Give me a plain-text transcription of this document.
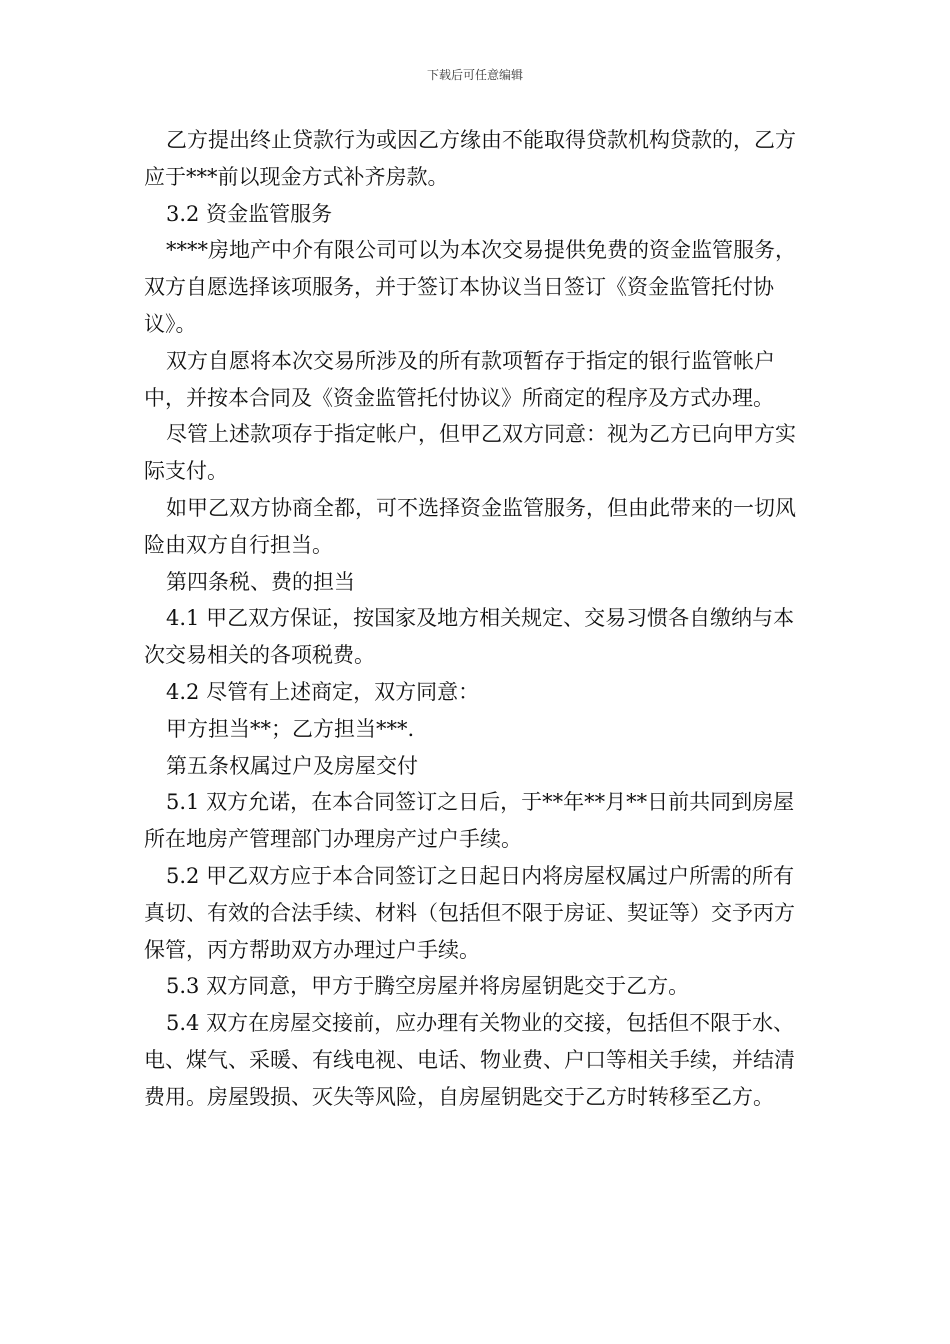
下载后可任意编辑

乙方提出终止贷款行为或因乙方缘由不能取得贷款机构贷款的，乙方应于***前以现金方式补齐房款。

3.2 资金监管服务

****房地产中介有限公司可以为本次交易提供免费的资金监管服务，双方自愿选择该项服务，并于签订本协议当日签订《资金监管托付协议》。

双方自愿将本次交易所涉及的所有款项暂存于指定的银行监管帐户中，并按本合同及《资金监管托付协议》所商定的程序及方式办理。

尽管上述款项存于指定帐户，但甲乙双方同意：视为乙方已向甲方实际支付。

如甲乙双方协商全都，可不选择资金监管服务，但由此带来的一切风险由双方自行担当。

第四条税、费的担当

4.1 甲乙双方保证，按国家及地方相关规定、交易习惯各自缴纳与本次交易相关的各项税费。

4.2 尽管有上述商定，双方同意：

甲方担当**；乙方担当***.

第五条权属过户及房屋交付

5.1 双方允诺，在本合同签订之日后，于**年**月**日前共同到房屋所在地房产管理部门办理房产过户手续。

5.2 甲乙双方应于本合同签订之日起日内将房屋权属过户所需的所有真切、有效的合法手续、材料（包括但不限于房证、契证等）交予丙方保管，丙方帮助双方办理过户手续。

5.3 双方同意，甲方于腾空房屋并将房屋钥匙交于乙方。

5.4 双方在房屋交接前，应办理有关物业的交接，包括但不限于水、电、煤气、采暖、有线电视、电话、物业费、户口等相关手续，并结清费用。房屋毁损、灭失等风险，自房屋钥匙交于乙方时转移至乙方。
